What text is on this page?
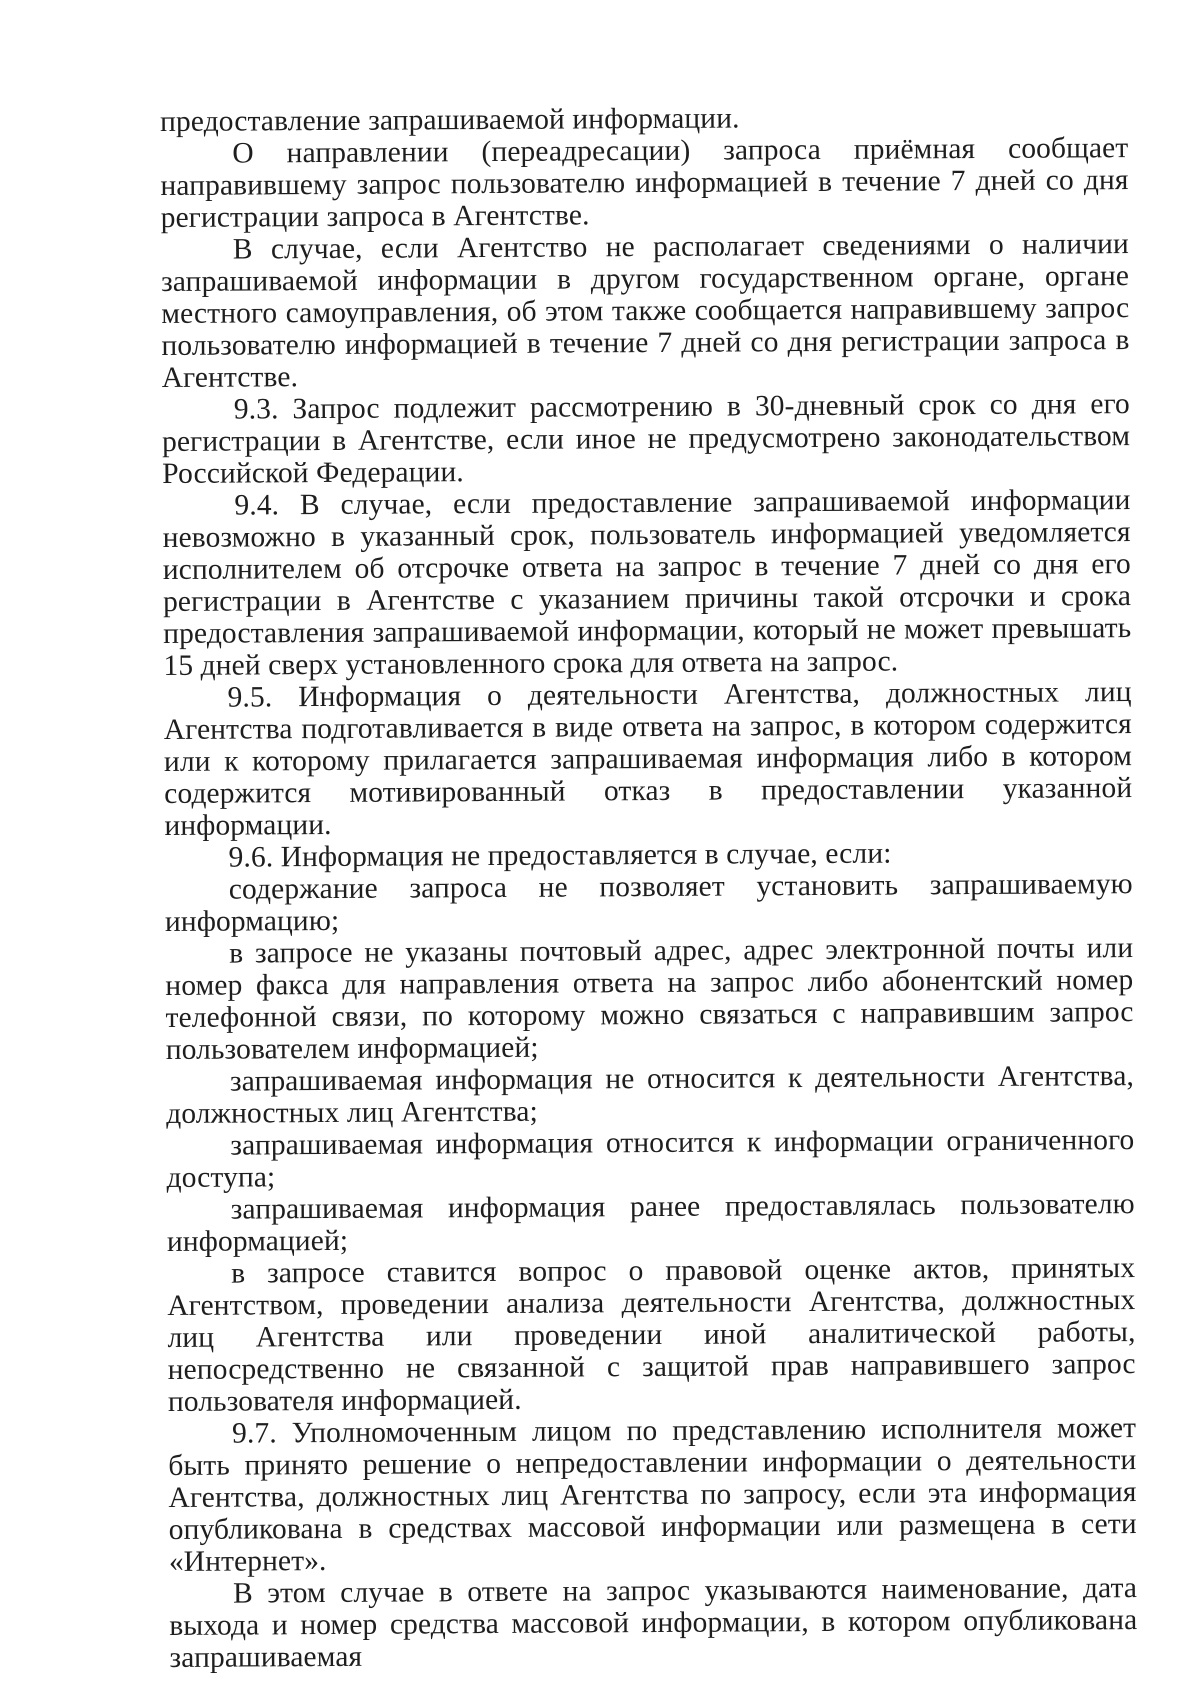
предоставление запрашиваемой информации.

О направлении (переадресации) запроса приёмная сообщает направившему запрос пользователю информацией в течение 7 дней со дня регистрации запроса в Агентстве.

В случае, если Агентство не располагает сведениями о наличии запрашиваемой информации в другом государственном органе, органе местного самоуправления, об этом также сообщается направившему запрос пользователю информацией в течение 7 дней со дня регистрации запроса в Агентстве.

9.3. Запрос подлежит рассмотрению в 30-дневный срок со дня его регистрации в Агентстве, если иное не предусмотрено законодательством Российской Федерации.

9.4. В случае, если предоставление запрашиваемой информации невозможно в указанный срок, пользователь информацией уведомляется исполнителем об отсрочке ответа на запрос в течение 7 дней со дня его регистрации в Агентстве с указанием причины такой отсрочки и срока предоставления запрашиваемой информации, который не может превышать 15 дней сверх установленного срока для ответа на запрос.

9.5. Информация о деятельности Агентства, должностных лиц Агентства подготавливается в виде ответа на запрос, в котором содержится или к которому прилагается запрашиваемая информация либо в котором содержится мотивированный отказ в предоставлении указанной информации.

9.6. Информация не предоставляется в случае, если:

содержание запроса не позволяет установить запрашиваемую информацию;

в запросе не указаны почтовый адрес, адрес электронной почты или номер факса для направления ответа на запрос либо абонентский номер телефонной связи, по которому можно связаться с направившим запрос пользователем информацией;

запрашиваемая информация не относится к деятельности Агентства, должностных лиц Агентства;

запрашиваемая информация относится к информации ограниченного доступа;

запрашиваемая информация ранее предоставлялась пользователю информацией;

в запросе ставится вопрос о правовой оценке актов, принятых Агентством, проведении анализа деятельности Агентства, должностных лиц Агентства или проведении иной аналитической работы, непосредственно не связанной с защитой прав направившего запрос пользователя информацией.

9.7. Уполномоченным лицом по представлению исполнителя может быть принято решение о непредоставлении информации о деятельности Агентства, должностных лиц Агентства по запросу, если эта информация опубликована в средствах массовой информации или размещена в сети «Интернет».

В этом случае в ответе на запрос указываются наименование, дата выхода и номер средства массовой информации, в котором опубликована запрашиваемая
